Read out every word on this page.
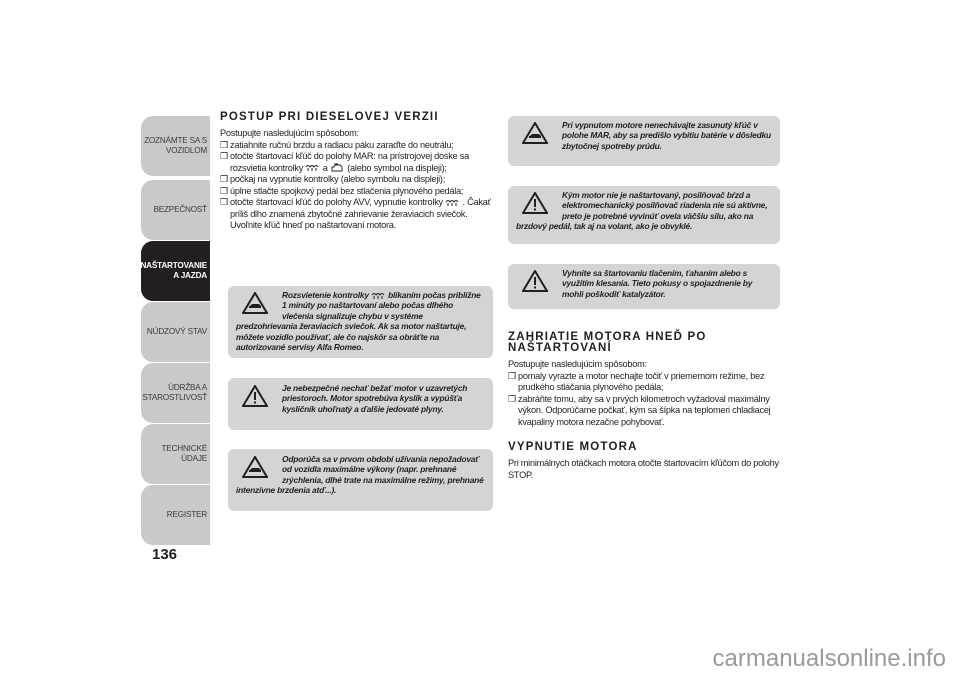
ZOZNÁMTE SA S VOZIDLOM
BEZPEČNOSŤ
NAŠTARTOVANIE A JAZDA
NÚDZOVÝ STAV
ÚDRŽBA A STAROSTLIVOSŤ
TECHNICKÉ ÚDAJE
REGISTER
136
POSTUP PRI DIESELOVEJ VERZII

Postupujte nasledujúcim spôsobom:

❒ zatiahnite ručnú brzdu a radiacu páku zaraďte do neutrálu;
❒ otočte štartovací kľúč do polohy MAR: na prístrojovej doske sa rozsvietia kontrolky a (alebo symbol na displeji);
❒ počkaj na vypnutie kontrolky (alebo symbolu na displeji);
❒ úplne stlačte spojkový pedál bez stlačenia plynového pedála;
❒ otočte štartovací kľúč do polohy AVV, vypnutie kontrolky . Čakať príliš dlho znamená zbytočné zahrievanie žeraviacich sviečok. Uvoľnite kľúč hneď po naštartovaní motora.
Rozsvietenie kontrolky blikaním počas približne 1 minúty po naštartovaní alebo počas dlhého vlečenia signalizuje chybu v systéme predzohrievania žeraviacich sviečok. Ak sa motor naštartuje, môžete vozidlo používať, ale čo najskôr sa obráťte na autorizované servisy Alfa Romeo.
Je nebezpečné nechať bežať motor v uzavretých priestoroch. Motor spotrebúva kyslík a vypúšťa kysličník uhoľnatý a ďalšie jedovaté plyny.
Odporúča sa v prvom období užívania nepožadovať od vozidla maximálne výkony (napr. prehnané zrýchlenia, dlhé trate na maximálne režimy, prehnané intenzívne brzdenia atď...).
Pri vypnutom motore nenechávajte zasunutý kľúč v polohe MAR, aby sa predišlo vybitiu batérie v dôsledku zbytočnej spotreby prúdu.
Kým motor nie je naštartovaný, posilňovač bŕzd a elektromechanický posilňovač riadenia nie sú aktívne, preto je potrebné vyvinúť ovela väčšiu silu, ako na brzdový pedál, tak aj na volant, ako je obvyklé.
Vyhnite sa štartovaniu tlačením, ťahaním alebo s využitím klesania. Tieto pokusy o spojazdnenie by mohli poškodiť katalyzátor.
ZAHRIATIE MOTORA HNEĎ PO NAŠTARTOVANÍ

Postupujte nasledujúcim spôsobom:

❒ pomaly vyrazte a motor nechajte točiť v priemernom režime, bez prudkého stláčania plynového pedála;
❒ zabráňte tomu, aby sa v prvých kilometroch vyžadoval maximálny výkon. Odporúčame počkať, kým sa šípka na teplomeri chladiacej kvapaliny motora nezačne pohybovať.
VYPNUTIE MOTORA

Pri minimálnych otáčkach motora otočte štartovacím kľúčom do polohy STOP.

carmanualsonline.info
